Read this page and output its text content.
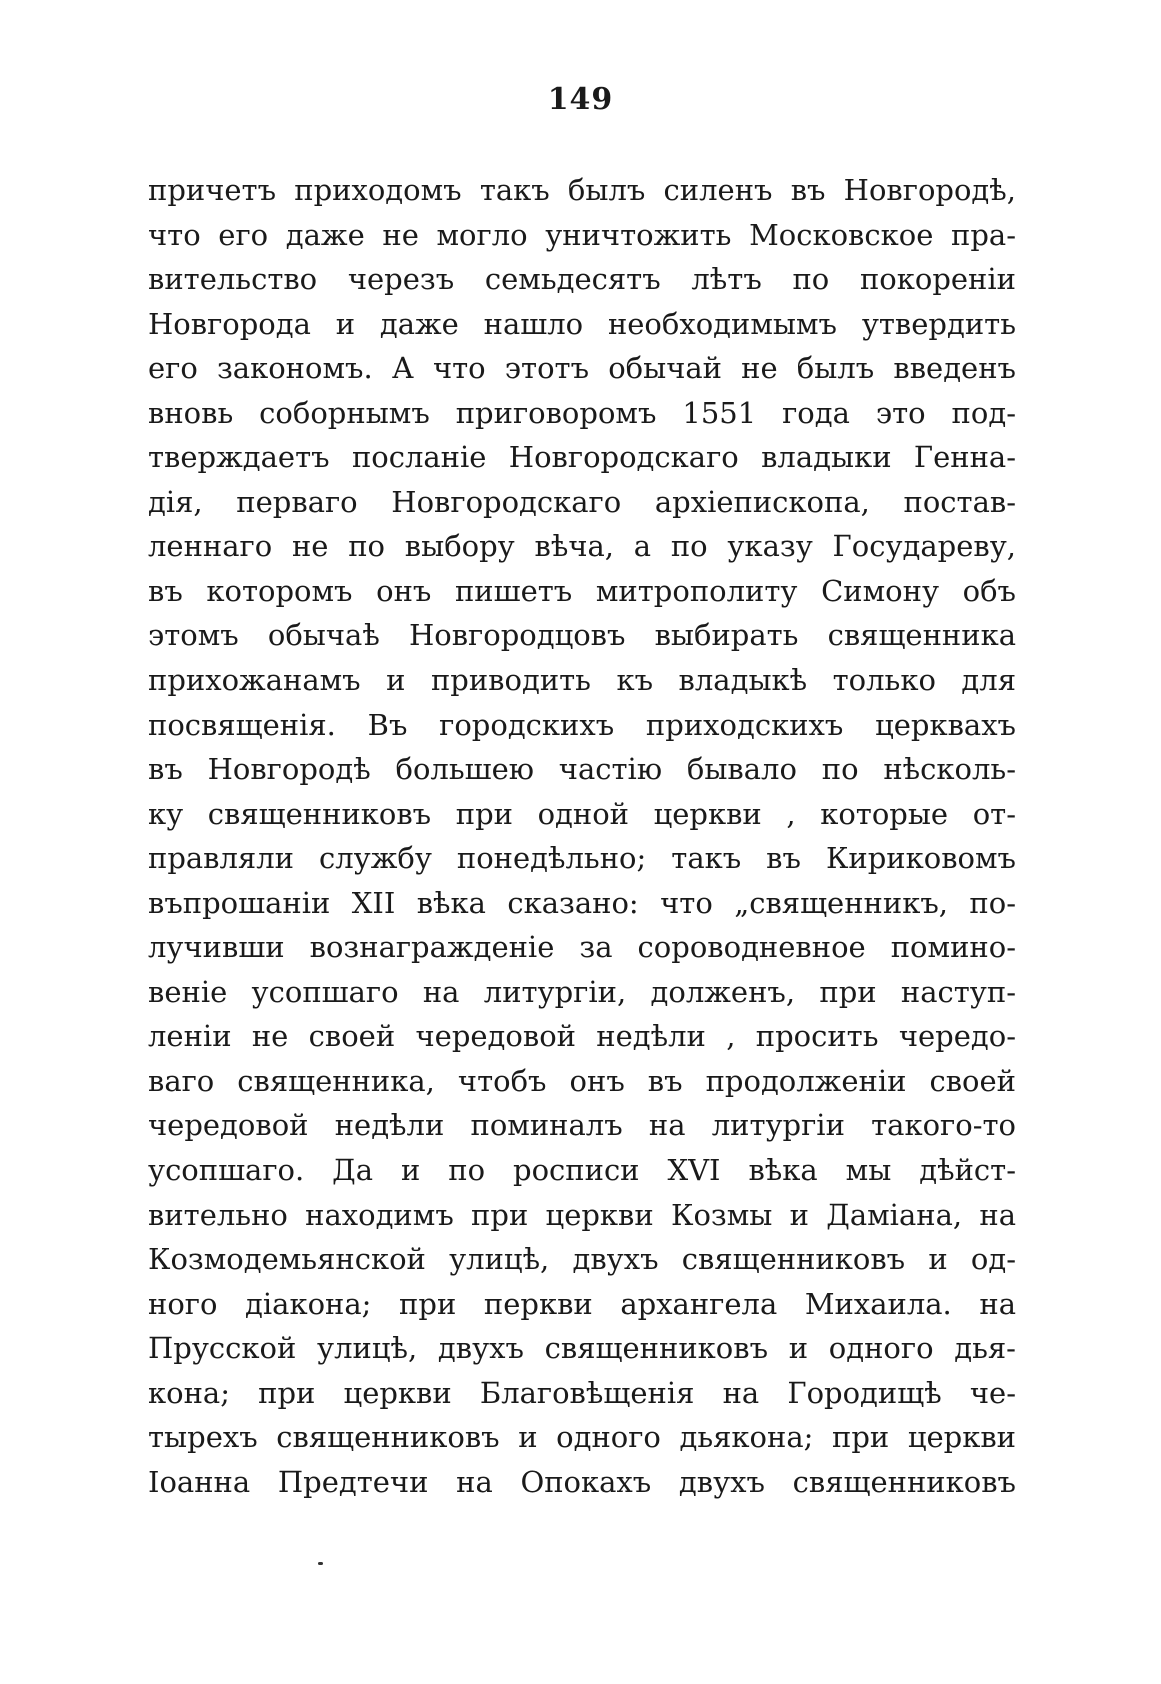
149
причетъ приходомъ такъ былъ силенъ въ Новгородѣ,
что его даже не могло уничтожить Московское пра-
вительство черезъ семьдесятъ лѣтъ по покореніи
Новгорода и даже нашло необходимымъ утвердить
его закономъ. А что этотъ обычай не былъ введенъ
вновь соборнымъ приговоромъ 1551 года это под-
тверждаетъ посланіе Новгородскаго владыки Генна-
дія, перваго Новгородскаго архіепископа, постав-
леннаго не по выбору вѣча, а по указу Государеву,
въ которомъ онъ пишетъ митрополиту Симону объ
этомъ обычаѣ Новгородцовъ выбирать священника
прихожанамъ и приводить къ владыкѣ только для
посвященія. Въ городскихъ приходскихъ церквахъ
въ Новгородѣ большею частію бывало по нѣсколь-
ку священниковъ при одной церкви , которые от-
правляли службу понедѣльно; такъ въ Кириковомъ
въпрошаніи XII вѣка сказано: что „священникъ, по-
лучивши вознагражденіе за сороводневное помино-
веніе усопшаго на литургіи, долженъ, при наступ-
леніи не своей чередовой недѣли , просить чередо-
ваго священника, чтобъ онъ въ продолженіи своей
чередовой недѣли поминалъ на литургіи такого-то
усопшаго. Да и по росписи XVI вѣка мы дѣйст-
вительно находимъ при церкви Козмы и Даміана, на
Козмодемьянской улицѣ, двухъ священниковъ и од-
ного діакона; при перкви архангела Михаила. на
Прусской улицѣ, двухъ священниковъ и одного дья-
кона; при церкви Благовѣщенія на Городищѣ че-
тырехъ священниковъ и одного дьякона; при церкви
Іоанна Предтечи на Опокахъ двухъ священниковъ
